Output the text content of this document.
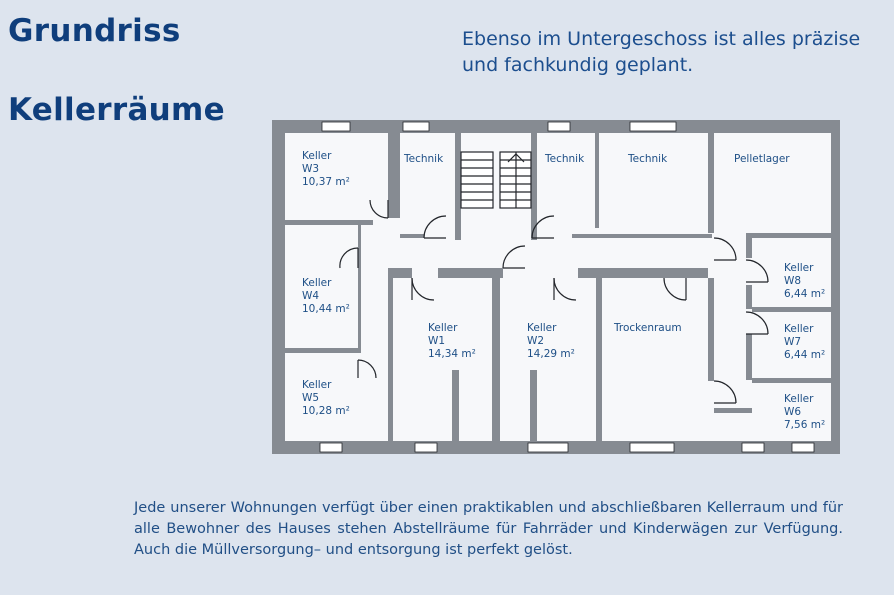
Grundriss
Kellerräume

Ebenso im Untergeschoss ist alles präzise und fachkundig geplant.

Keller
W3
10,37 m²
Keller
W4
10,44 m²
Keller
W5
10,28 m²
Keller
W1
14,34 m²
Keller
W2
14,29 m²
Keller
W8
6,44 m²
Keller
W7
6,44 m²
Keller
W6
7,56 m²
Technik	Technik	Technik	Pelletlager
Trockenraum

Jede unserer Wohnungen verfügt über einen praktikablen und abschließbaren Kellerraum und für alle Bewohner des Hauses stehen Abstellräume für Fahrräder und Kinderwägen zur Verfügung. Auch die Müllversorgung– und entsorgung ist perfekt gelöst.
